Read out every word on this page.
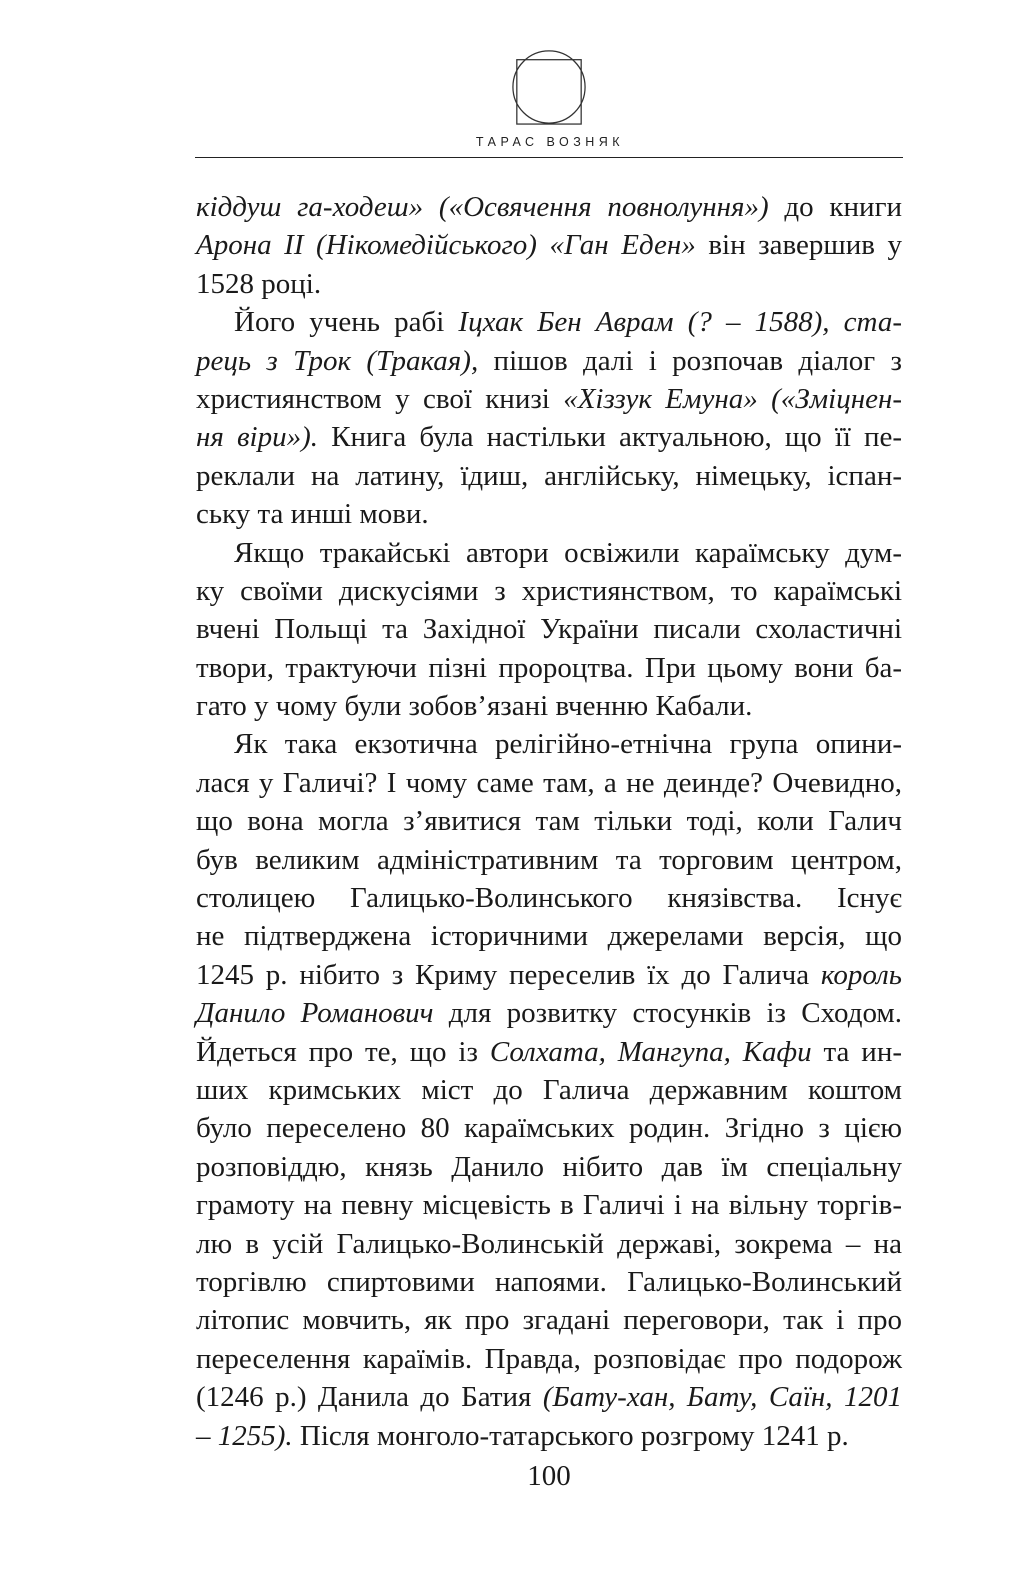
ТАРАС ВОЗНЯК
кіддуш га-ходеш» («Освячення повнолуння») до книги
Арона ІІ (Нікомедійського) «Ган Еден» він завершив у
1528 році.
Його учень рабі Іцхак Бен Аврам (? – 1588), ста-
рець з Трок (Тракая), пішов далі і розпочав діалог з
християнством у свої книзі «Хіззук Емуна» («Зміцнен-
ня віри»). Книга була настільки актуальною, що її пе-
реклали на латину, їдиш, англійську, німецьку, іспан-
ську та инші мови.
Якщо тракайські автори освіжили караїмську дум-
ку своїми дискусіями з християнством, то караїмські
вчені Польщі та Західної України писали схоластичні
твори, трактуючи пізні пророцтва. При цьому вони ба-
гато у чому були зобов’язані вченню Кабали.
Як така екзотична релігійно-етнічна група опини-
лася у Галичі? І чому саме там, а не деинде? Очевидно,
що вона могла з’явитися там тільки тоді, коли Галич
був великим адміністративним та торговим центром,
столицею Галицько-Волинського князівства. Існує
не підтверджена історичними джерелами версія, що
1245 р. нібито з Криму переселив їх до Галича король
Данило Романович для розвитку стосунків із Сходом.
Йдеться про те, що із Солхата, Мангупа, Кафи та ин-
ших кримських міст до Галича державним коштом
було переселено 80 караїмських родин. Згідно з цією
розповіддю, князь Данило нібито дав їм спеціальну
грамоту на певну місцевість в Галичі і на вільну торгів-
лю в усій Галицько-Волинській державі, зокрема – на
торгівлю спиртовими напоями. Галицько-Волинський
літопис мовчить, як про згадані переговори, так і про
переселення караїмів. Правда, розповідає про подорож
(1246 р.) Данила до Батия (Бату-хан, Бату, Саїн, 1201
– 1255). Після монголо-татарського розгрому 1241 р.
100
